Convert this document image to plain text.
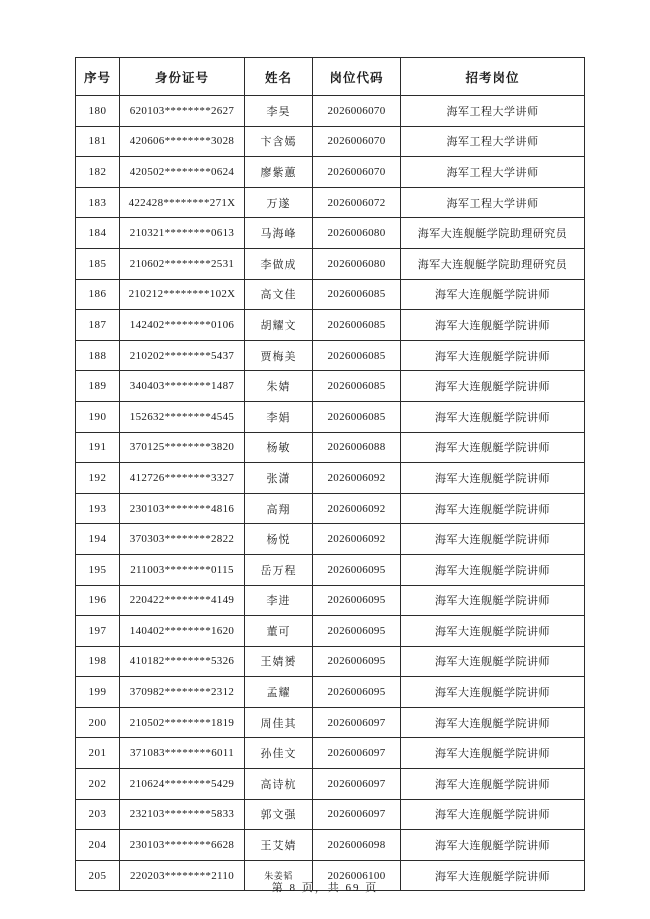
序号	身份证号	姓名	岗位代码	招考岗位
180	620103********2627	李昊	2026006070	海军工程大学讲师
181	420606********3028	卞含嫣	2026006070	海军工程大学讲师
182	420502********0624	廖紫蕙	2026006070	海军工程大学讲师
183	422428********271X	万遂	2026006072	海军工程大学讲师
184	210321********0613	马海峰	2026006080	海军大连舰艇学院助理研究员
185	210602********2531	李做成	2026006080	海军大连舰艇学院助理研究员
186	210212********102X	高文佳	2026006085	海军大连舰艇学院讲师
187	142402********0106	胡耀文	2026006085	海军大连舰艇学院讲师
188	210202********5437	贾梅美	2026006085	海军大连舰艇学院讲师
189	340403********1487	朱婧	2026006085	海军大连舰艇学院讲师
190	152632********4545	李娟	2026006085	海军大连舰艇学院讲师
191	370125********3820	杨敏	2026006088	海军大连舰艇学院讲师
192	412726********3327	张潇	2026006092	海军大连舰艇学院讲师
193	230103********4816	高翔	2026006092	海军大连舰艇学院讲师
194	370303********2822	杨悦	2026006092	海军大连舰艇学院讲师
195	211003********0115	岳万程	2026006095	海军大连舰艇学院讲师
196	220422********4149	李进	2026006095	海军大连舰艇学院讲师
197	140402********1620	董可	2026006095	海军大连舰艇学院讲师
198	410182********5326	王婧赟	2026006095	海军大连舰艇学院讲师
199	370982********2312	孟耀	2026006095	海军大连舰艇学院讲师
200	210502********1819	周佳其	2026006097	海军大连舰艇学院讲师
201	371083********6011	孙佳文	2026006097	海军大连舰艇学院讲师
202	210624********5429	高诗杭	2026006097	海军大连舰艇学院讲师
203	232103********5833	郭文强	2026006097	海军大连舰艇学院讲师
204	230103********6628	王艾婧	2026006098	海军大连舰艇学院讲师
205	220203********2110	朱姜韬	2026006100	海军大连舰艇学院讲师
第 8 页，共 69 页
